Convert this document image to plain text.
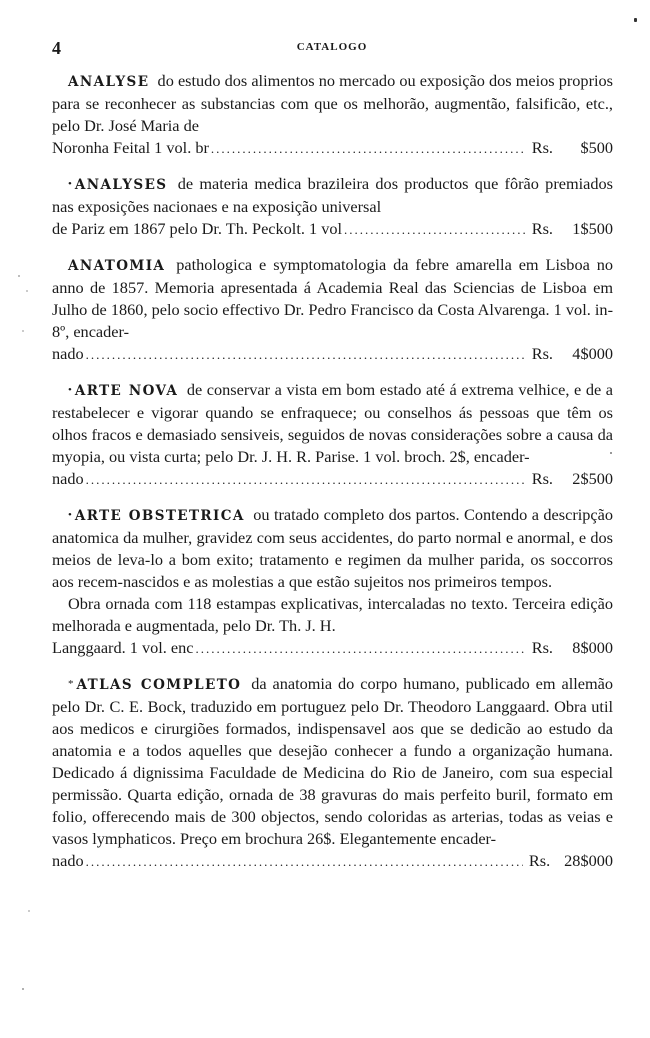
4	CATALOGO

ANALYSE do estudo dos alimentos no mercado ou exposição dos meios proprios para se reconhecer as substancias com que os melhorão, augmentão, falsificão, etc., pelo Dr. José Maria de

Noronha Feital 1 vol. br .....	Rs.	$500

• ANALYSES de materia medica brazileira dos productos que fôrão premiados nas exposições nacionaes e na exposição universal

de Pariz em 1867 pelo Dr. Th. Peckolt. 1 vol .....	Rs.	1$500

ANATOMIA pathologica e symptomatologia da febre amarella em Lisboa no anno de 1857. Memoria apresentada á Academia Real das Sciencias de Lisboa em Julho de 1860, pelo socio effectivo Dr. Pedro Francisco da Costa Alvarenga. 1 vol. in-8º, encader-

nado .....	Rs.	4$000

• ARTE NOVA de conservar a vista em bom estado até á extrema velhice, e de a restabelecer e vigorar quando se enfraquece; ou conselhos ás pessoas que têm os olhos fracos e demasiado sensiveis, seguidos de novas considerações sobre a causa da myopia, ou vista curta; pelo Dr. J. H. R. Parise. 1 vol. broch. 2$, encader-

nado .....	Rs.	2$500

• ARTE OBSTETRICA ou tratado completo dos partos. Contendo a descripção anatomica da mulher, gravidez com seus accidentes, do parto normal e anormal, e dos meios de leva-lo a bom exito; tratamento e regimen da mulher parida, os soccorros aos recem-nascidos e as molestias a que estão sujeitos nos primeiros tempos.

Obra ornada com 118 estampas explicativas, intercaladas no texto. Terceira edição melhorada e augmentada, pelo Dr. Th. J. H.

Langgaard. 1 vol. enc .....	Rs.	8$000

* ATLAS COMPLETO da anatomia do corpo humano, publicado em allemão pelo Dr. C. E. Bock, traduzido em portuguez pelo Dr. Theodoro Langgaard. Obra util aos medicos e cirurgiões formados, indispensavel aos que se dedicão ao estudo da anatomia e a todos aquelles que desejão conhecer a fundo a organização humana. Dedicado á dignissima Faculdade de Medicina do Rio de Janeiro, com sua especial permissão. Quarta edição, ornada de 38 gravuras do mais perfeito buril, formato em folio, offerecendo mais de 300 objectos, sendo coloridas as arterias, todas as veias e vasos lymphaticos. Preço em brochura 26$. Elegantemente encader-

nado .....	Rs. 28$000
